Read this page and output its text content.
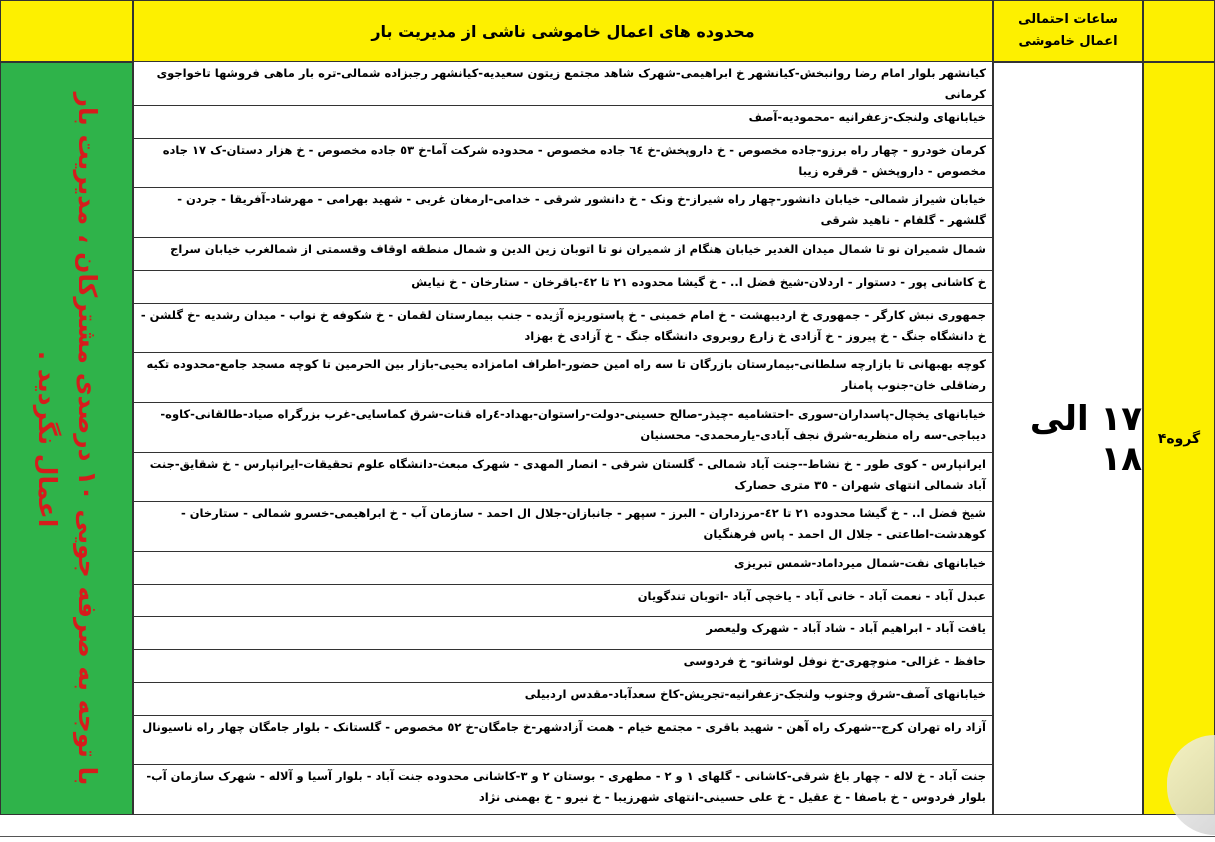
محدوده های اعمال خاموشی ناشی از مدیریت بار
ساعات احتمالی
اعمال خاموشی
با توجه به صرفه جویی ۱۰ درصدی مشترکان ، مدیریت بار اعمال نگردید .
کیانشهر بلوار امام رضا روانبخش-کیانشهر خ ابراهیمی-شهرک شاهد مجتمع زیتون سعیدیه-کیانشهر رجبزاده شمالی-تره بار ماهی فروشها تاخواجوی کرمانی
خیابانهای ولنجک-زعفرانیه -محمودیه-آصف
کرمان خودرو - چهار راه برزو-جاده مخصوص - خ داروپخش-خ ٦٤ جاده مخصوص - محدوده شرکت آما-خ ٥٣ جاده مخصوص - خ هزار دستان-ک ١٧ جاده مخصوص - داروپخش - قرقره زیبا
خیابان شیراز شمالی- خیابان دانشور-چهار راه شیراز-خ ونک - خ دانشور شرقی - خدامی-ارمغان غربی - شهید بهرامی - مهرشاد-آفریقا - جردن - گلشهر - گلفام - ناهید شرقی
شمال شمیران نو تا شمال میدان الغدیر خیابان هنگام از شمیران نو تا اتوبان زین الدین و شمال منطقه اوقاف وقسمتی از شمالغرب خیابان سراج
خ کاشانی پور - دستوار - اردلان-شیخ فضل ا.. - خ گیشا محدوده ٢١ تا ٤٢-باقرخان - ستارخان - خ نیایش
جمهوری نبش کارگر - جمهوری خ اردیبهشت - خ امام خمینی - خ پاستوریزه آژیده - جنب بیمارستان لقمان - خ شکوفه خ نواب - میدان رشدیه -خ گلشن - خ دانشگاه جنگ - خ پیروز - خ آزادی خ زارع روبروی دانشگاه جنگ - خ آزادی خ بهزاد
کوچه بهبهانی تا بازارچه سلطانی-بیمارستان بازرگان تا سه راه امین حضور-اطراف امامزاده یحیی-بازار بین الحرمین تا کوچه مسجد جامع-محدوده تکیه رضاقلی خان-جنوب پامنار
خیابانهای یخچال-پاسداران-سوری -احتشامیه -چیذر-صالح حسینی-دولت-راستوان-بهداد-٤راه قنات-شرق کماسایی-غرب بزرگراه صیاد-طالقانی-کاوه-دیباجی-سه راه منظریه-شرق نجف آبادی-یارمحمدی- محسنیان
ایرانپارس - کوی طور - خ نشاط--جنت آباد شمالی - گلستان شرقی - انصار المهدی - شهرک مبعث-دانشگاه علوم تحقیقات-ایرانپارس - خ شقایق-جنت آباد شمالی انتهای شهران - ٣٥ متری حصارک
شیخ فضل ا.. - خ گیشا محدوده ٢١ تا ٤٢-مرزداران - البرز - سپهر - جانبازان-جلال ال احمد - سازمان آب - خ ابراهیمی-خسرو شمالی - ستارخان - کوهدشت-اطاعتی - جلال ال احمد - پاس فرهنگیان
خیابانهای نفت-شمال میرداماد-شمس تبریزی
عبدل آباد - نعمت آباد - خانی آباد - یاخچی آباد -اتوبان تندگویان
یافت آباد - ابراهیم آباد - شاد آباد - شهرک ولیعصر
حافظ - غزالی- منوچهری-خ نوفل لوشاتو- خ فردوسی
خیابانهای آصف-شرق وجنوب ولنجک-زعفرانیه-تجریش-کاخ سعدآباد-مقدس اردبیلی
آزاد راه تهران کرج--شهرک راه آهن - شهید باقری - مجتمع خیام - همت آزادشهر-خ جامگان-خ ٥٢ مخصوص - گلستانک - بلوار جامگان چهار راه ناسیونال
جنت آباد - خ لاله - چهار باغ شرقی-کاشانی - گلهای ١ و ٢ - مطهری - بوستان ٢ و ٣-کاشانی محدوده جنت آباد - بلوار آسیا و آلاله - شهرک سازمان آب-بلوار فردوس - خ باصفا - خ عقیل - خ علی حسینی-انتهای شهرزیبا - خ نیرو - خ بهمنی نژاد
۱۷ الی ۱۸	گروه۴
